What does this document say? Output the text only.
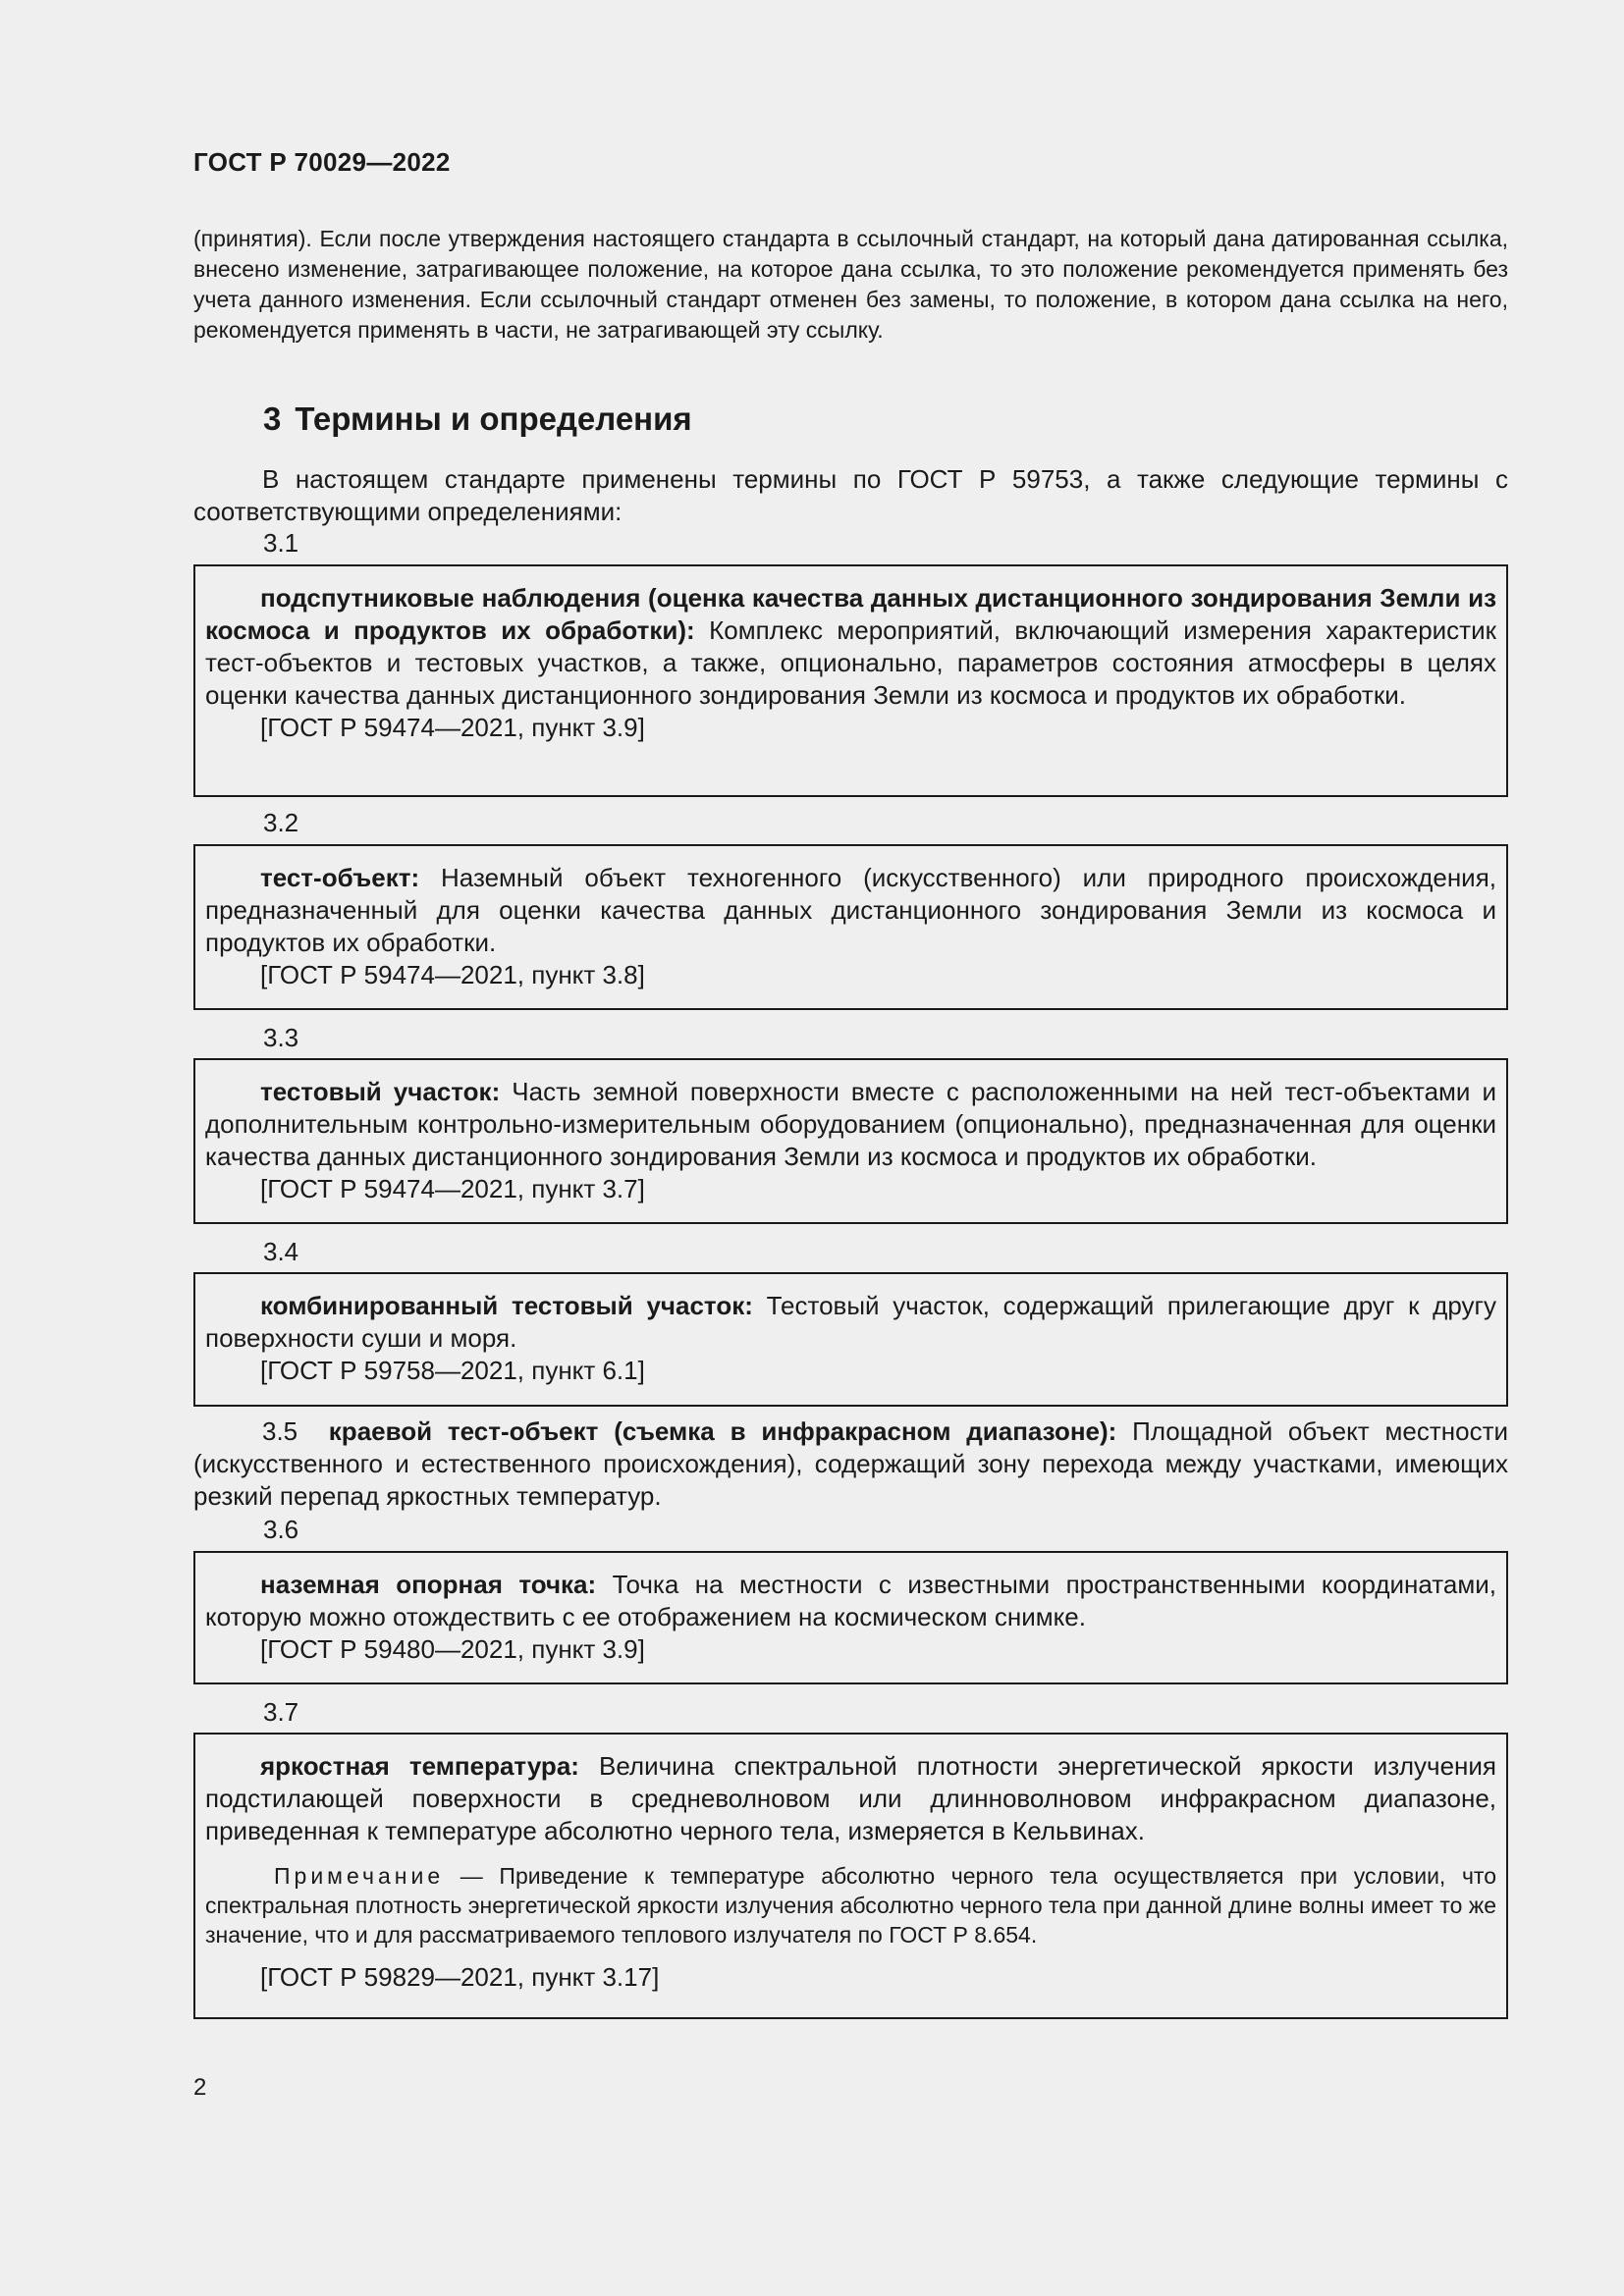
ГОСТ Р 70029—2022
(принятия). Если после утверждения настоящего стандарта в ссылочный стандарт, на который дана датированная ссылка, внесено изменение, затрагивающее положение, на которое дана ссылка, то это положение рекомендуется применять без учета данного изменения. Если ссылочный стандарт отменен без замены, то положение, в котором дана ссылка на него, рекомендуется применять в части, не затрагивающей эту ссылку.
3 Термины и определения
В настоящем стандарте применены термины по ГОСТ Р 59753, а также следующие термины с соответствующими определениями:
3.1

подспутниковые наблюдения (оценка качества данных дистанционного зондирования Земли из космоса и продуктов их обработки): Комплекс мероприятий, включающий измерения характеристик тест-объектов и тестовых участков, а также, опционально, параметров состояния атмосферы в целях оценки качества данных дистанционного зондирования Земли из космоса и продуктов их обработки.

[ГОСТ Р 59474—2021, пункт 3.9]

3.2

тест-объект: Наземный объект техногенного (искусственного) или природного происхождения, предназначенный для оценки качества данных дистанционного зондирования Земли из космоса и продуктов их обработки.

[ГОСТ Р 59474—2021, пункт 3.8]

3.3

тестовый участок: Часть земной поверхности вместе с расположенными на ней тест-объектами и дополнительным контрольно-измерительным оборудованием (опционально), предназначенная для оценки качества данных дистанционного зондирования Земли из космоса и продуктов их обработки.

[ГОСТ Р 59474—2021, пункт 3.7]

3.4

комбинированный тестовый участок: Тестовый участок, содержащий прилегающие друг к другу поверхности суши и моря.

[ГОСТ Р 59758—2021, пункт 6.1]

3.5 краевой тест-объект (съемка в инфракрасном диапазоне): Площадной объект местности (искусственного и естественного происхождения), содержащий зону перехода между участками, имеющих резкий перепад яркостных температур.
3.6

наземная опорная точка: Точка на местности с известными пространственными координатами, которую можно отождествить с ее отображением на космическом снимке.

[ГОСТ Р 59480—2021, пункт 3.9]

3.7

яркостная температура: Величина спектральной плотности энергетической яркости излучения подстилающей поверхности в средневолновом или длинноволновом инфракрасном диапазоне, приведенная к температуре абсолютно черного тела, измеряется в Кельвинах.

Примечание — Приведение к температуре абсолютно черного тела осуществляется при условии, что спектральная плотность энергетической яркости излучения абсолютно черного тела при данной длине волны имеет то же значение, что и для рассматриваемого теплового излучателя по ГОСТ Р 8.654.

[ГОСТ Р 59829—2021, пункт 3.17]

2
